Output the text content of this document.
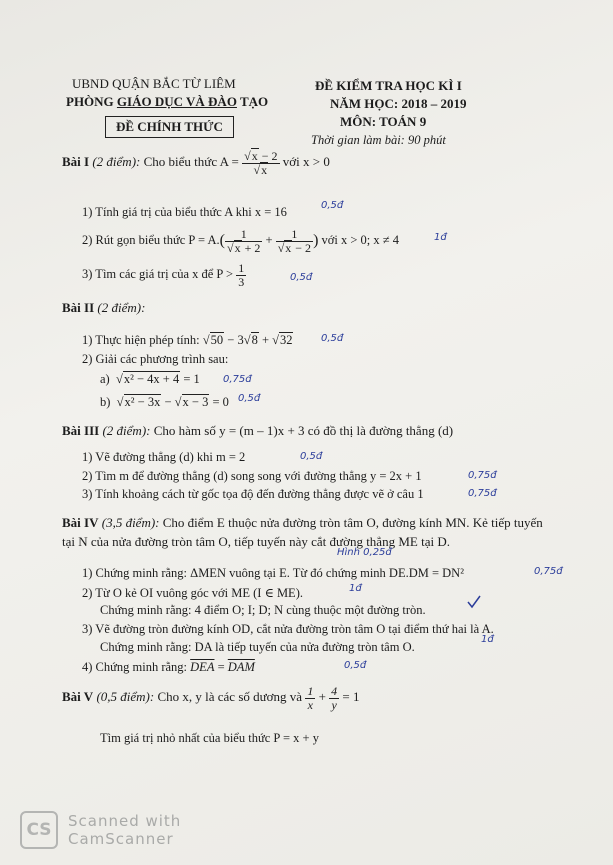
UBND QUẬN BẮC TỪ LIÊM
PHÒNG GIÁO DỤC VÀ ĐÀO TẠO
ĐỀ CHÍNH THỨC
ĐỀ KIỂM TRA HỌC KÌ I
NĂM HỌC: 2018 – 2019
MÔN: TOÁN 9
Thời gian làm bài: 90 phút
Bài I (2 điểm): Cho biểu thức $A = \frac{√x - 2}{√x}$ với x > 0
1) Tính giá trị của biểu thức A khi x = 16
2) Rút gọn biểu thức $P = A.( \frac{1}{√x + 2} + \frac{1}{√x - 2}$ ) với x > 0; x ≠ 4
3) Tìm các giá trị của x để $P > \frac{1}{3}$
Bài II (2 điểm):
1) Thực hiện phép tính: √50 − 3√8 + √32
2) Giải các phương trình sau:
a)  √x² − 4x + 4 = 1
b)  √x² − 3x − √x − 3 = 0
Bài III (2 điểm): Cho hàm số y = (m – 1)x + 3 có đồ thị là đường thẳng (d)
1) Vẽ đường thẳng (d) khi m = 2
2) Tìm m để đường thẳng (d) song song với đường thẳng y = 2x + 1
3) Tính khoảng cách từ gốc tọa độ đến đường thẳng được vẽ ở câu 1
Bài IV (3,5 điểm): Cho điểm E thuộc nửa đường tròn tâm O, đường kính MN. Kẻ tiếp tuyến
tại N của nửa đường tròn tâm O, tiếp tuyến này cắt đường thẳng ME tại D.
1) Chứng minh rằng: ΔMEN vuông tại E. Từ đó chứng minh DE.DM = DN²
2) Từ O kẻ OI vuông góc với ME (I ∈ ME).
Chứng minh rằng: 4 điểm O; I; D; N cùng thuộc một đường tròn.
3) Vẽ đường tròn đường kính OD, cắt nửa đường tròn tâm O tại điểm thứ hai là A.
Chứng minh rằng: DA là tiếp tuyến của nửa đường tròn tâm O.
4) Chứng minh rằng: $\overline{DEA} = \overline{DAM}$
Bài V (0,5 điểm): Cho x, y là các số dương và $\frac{1}{x} + \frac{4}{y} = 1$
Tìm giá trị nhỏ nhất của biểu thức P = x + y
0,5đ
1đ
0,5đ
0,5đ
0,75đ
0,5đ
0,5đ
0,75đ
0,75đ
Hình 0,25đ
0,75đ
1đ
1đ
0,5đ
CS	Scanned with
CamScanner
